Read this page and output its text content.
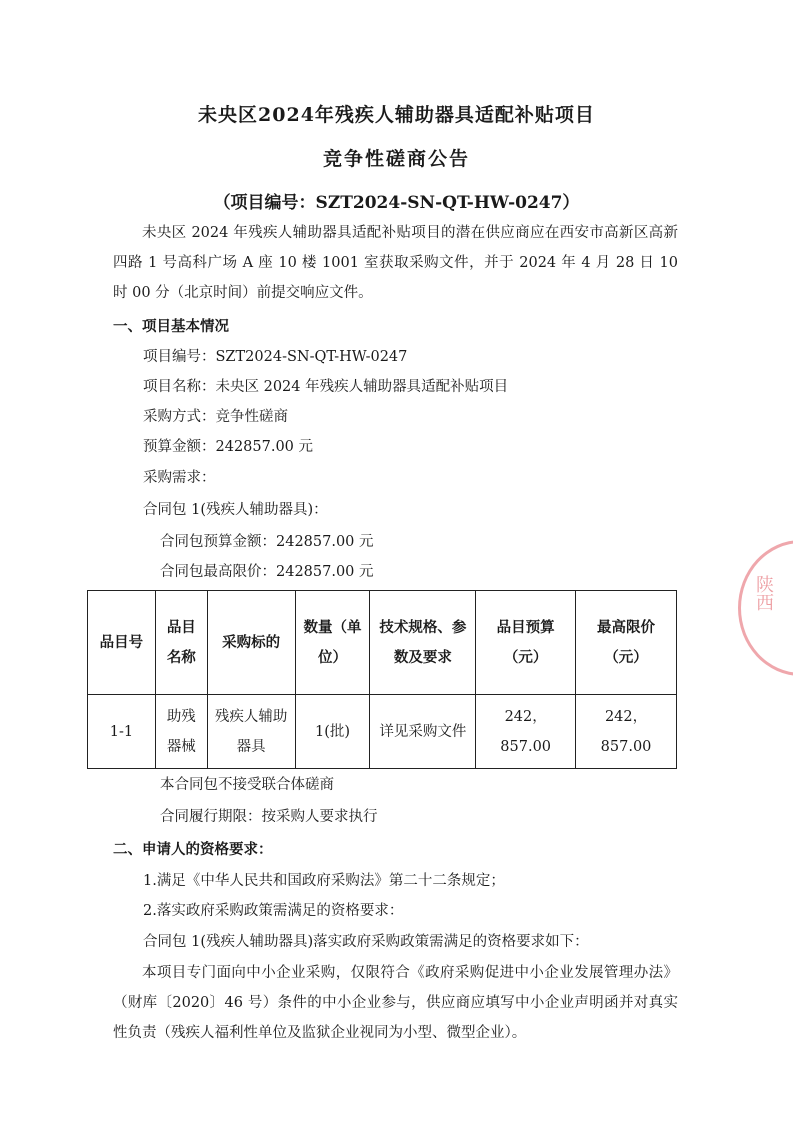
未央区2024年残疾人辅助器具适配补贴项目
竞争性磋商公告
（项目编号：SZT2024-SN-QT-HW-0247）
未央区 2024 年残疾人辅助器具适配补贴项目的潜在供应商应在西安市高新区高新四路 1 号高科广场 A 座 10 楼 1001 室获取采购文件，并于 2024 年 4 月 28 日 10 时 00 分（北京时间）前提交响应文件。
一、项目基本情况
项目编号：SZT2024-SN-QT-HW-0247
项目名称：未央区 2024 年残疾人辅助器具适配补贴项目
采购方式：竞争性磋商
预算金额：242857.00 元
采购需求：
合同包 1(残疾人辅助器具)：
合同包预算金额：242857.00 元
合同包最高限价：242857.00 元
品目号	品目名称	采购标的	数量（单位）	技术规格、参数及要求	品目预算（元）	最高限价（元）
1-1	助残器械	残疾人辅助器具	1(批)	详见采购文件	242，857.00	242，857.00
本合同包不接受联合体磋商
合同履行期限：按采购人要求执行
二、申请人的资格要求：
1.满足《中华人民共和国政府采购法》第二十二条规定；
2.落实政府采购政策需满足的资格要求：
合同包 1(残疾人辅助器具)落实政府采购政策需满足的资格要求如下：
本项目专门面向中小企业采购，仅限符合《政府采购促进中小企业发展管理办法》（财库〔2020〕46 号）条件的中小企业参与，供应商应填写中小企业声明函并对真实性负责（残疾人福利性单位及监狱企业视同为小型、微型企业）。
陕西
